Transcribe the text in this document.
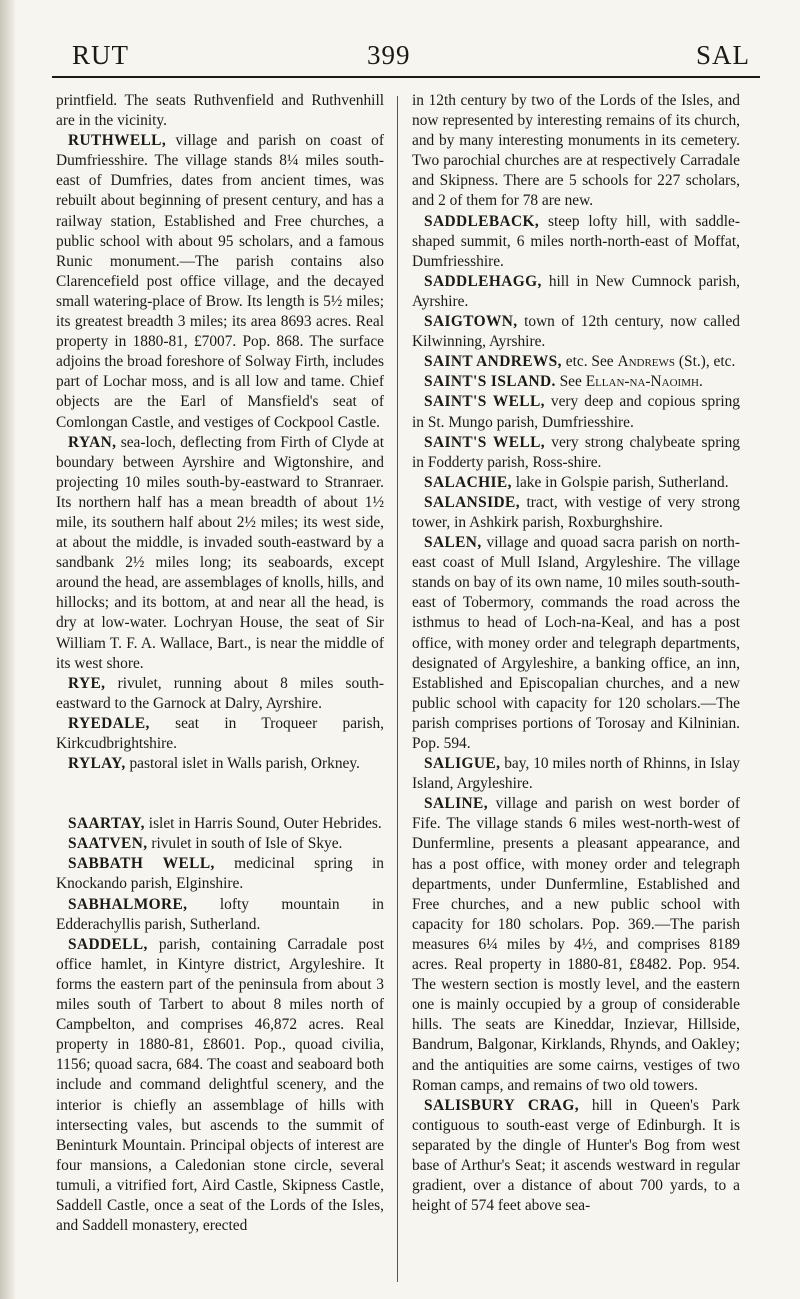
RUT	399	SAL

printfield. The seats Ruthvenfield and Ruthvenhill are in the vicinity.

RUTHWELL, village and parish on coast of Dumfriesshire. The village stands 8¼ miles south-east of Dumfries, dates from ancient times, was rebuilt about beginning of present century, and has a railway station, Established and Free churches, a public school with about 95 scholars, and a famous Runic monument.—The parish contains also Clarencefield post office village, and the decayed small watering-place of Brow. Its length is 5½ miles; its greatest breadth 3 miles; its area 8693 acres. Real property in 1880-81, £7007. Pop. 868. The surface adjoins the broad foreshore of Solway Firth, includes part of Lochar moss, and is all low and tame. Chief objects are the Earl of Mansfield's seat of Comlongan Castle, and vestiges of Cockpool Castle.

RYAN, sea-loch, deflecting from Firth of Clyde at boundary between Ayrshire and Wigtonshire, and projecting 10 miles south-by-eastward to Stranraer. Its northern half has a mean breadth of about 1½ mile, its southern half about 2½ miles; its west side, at about the middle, is invaded south-eastward by a sandbank 2½ miles long; its seaboards, except around the head, are assemblages of knolls, hills, and hillocks; and its bottom, at and near all the head, is dry at low-water. Lochryan House, the seat of Sir William T. F. A. Wallace, Bart., is near the middle of its west shore.

RYE, rivulet, running about 8 miles south-eastward to the Garnock at Dalry, Ayrshire.

RYEDALE, seat in Troqueer parish, Kirkcudbrightshire.

RYLAY, pastoral islet in Walls parish, Orkney.

SAARTAY, islet in Harris Sound, Outer Hebrides.

SAATVEN, rivulet in south of Isle of Skye.

SABBATH WELL, medicinal spring in Knockando parish, Elginshire.

SABHALMORE, lofty mountain in Edderachyllis parish, Sutherland.

SADDELL, parish, containing Carradale post office hamlet, in Kintyre district, Argyleshire. It forms the eastern part of the peninsula from about 3 miles south of Tarbert to about 8 miles north of Campbelton, and comprises 46,872 acres. Real property in 1880-81, £8601. Pop., quoad civilia, 1156; quoad sacra, 684. The coast and seaboard both include and command delightful scenery, and the interior is chiefly an assemblage of hills with intersecting vales, but ascends to the summit of Beninturk Mountain. Principal objects of interest are four mansions, a Caledonian stone circle, several tumuli, a vitrified fort, Aird Castle, Skipness Castle, Saddell Castle, once a seat of the Lords of the Isles, and Saddell monastery, erected

in 12th century by two of the Lords of the Isles, and now represented by interesting remains of its church, and by many interesting monuments in its cemetery. Two parochial churches are at respectively Carradale and Skipness. There are 5 schools for 227 scholars, and 2 of them for 78 are new.

SADDLEBACK, steep lofty hill, with saddle-shaped summit, 6 miles north-north-east of Moffat, Dumfriesshire.

SADDLEHAGG, hill in New Cumnock parish, Ayrshire.

SAIGTOWN, town of 12th century, now called Kilwinning, Ayrshire.

SAINT ANDREWS, etc. See Andrews (St.), etc.

SAINT'S ISLAND. See Ellan-na-Naoimh.

SAINT'S WELL, very deep and copious spring in St. Mungo parish, Dumfriesshire.

SAINT'S WELL, very strong chalybeate spring in Fodderty parish, Ross-shire.

SALACHIE, lake in Golspie parish, Sutherland.

SALANSIDE, tract, with vestige of very strong tower, in Ashkirk parish, Roxburghshire.

SALEN, village and quoad sacra parish on north-east coast of Mull Island, Argyleshire. The village stands on bay of its own name, 10 miles south-south-east of Tobermory, commands the road across the isthmus to head of Loch-na-Keal, and has a post office, with money order and telegraph departments, designated of Argyleshire, a banking office, an inn, Established and Episcopalian churches, and a new public school with capacity for 120 scholars.—The parish comprises portions of Torosay and Kilninian. Pop. 594.

SALIGUE, bay, 10 miles north of Rhinns, in Islay Island, Argyleshire.

SALINE, village and parish on west border of Fife. The village stands 6 miles west-north-west of Dunfermline, presents a pleasant appearance, and has a post office, with money order and telegraph departments, under Dunfermline, Established and Free churches, and a new public school with capacity for 180 scholars. Pop. 369.—The parish measures 6¼ miles by 4½, and comprises 8189 acres. Real property in 1880-81, £8482. Pop. 954. The western section is mostly level, and the eastern one is mainly occupied by a group of considerable hills. The seats are Kineddar, Inzievar, Hillside, Bandrum, Balgonar, Kirklands, Rhynds, and Oakley; and the antiquities are some cairns, vestiges of two Roman camps, and remains of two old towers.

SALISBURY CRAG, hill in Queen's Park contiguous to south-east verge of Edinburgh. It is separated by the dingle of Hunter's Bog from west base of Arthur's Seat; it ascends westward in regular gradient, over a distance of about 700 yards, to a height of 574 feet above sea-
